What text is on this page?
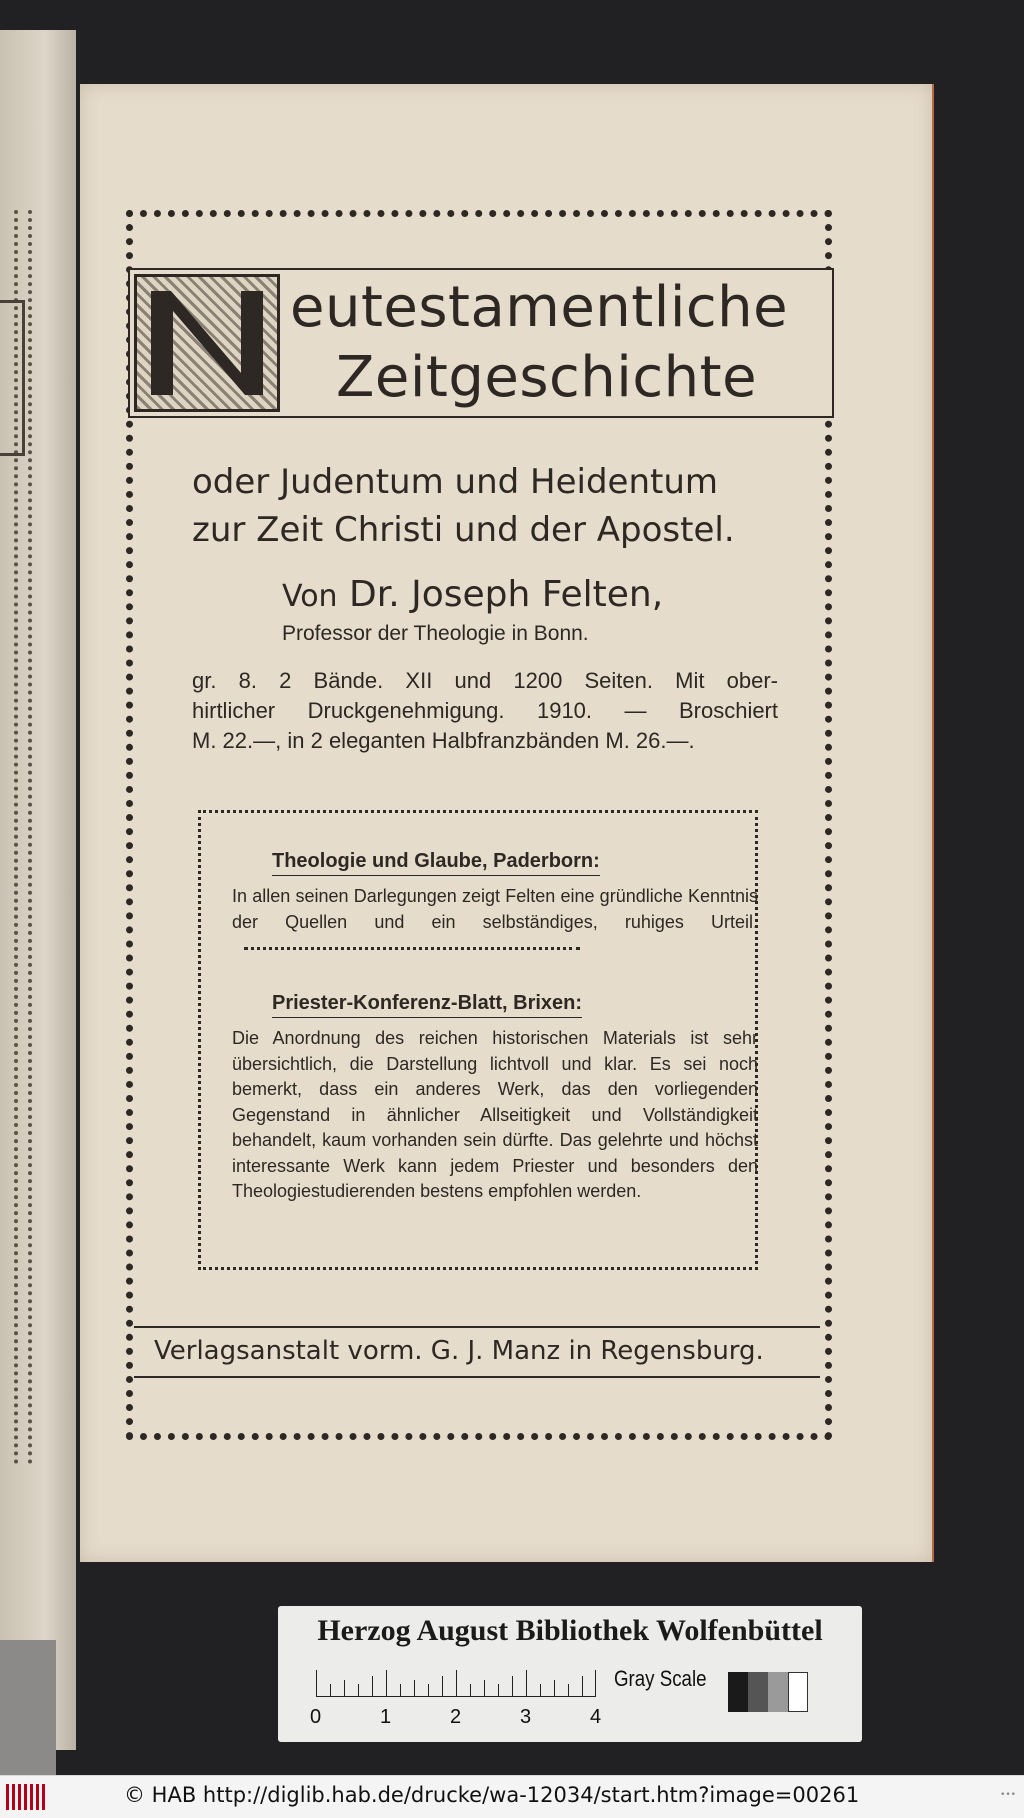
N
eutestamentliche
Zeitgeschichte
oder Judentum und Heidentum
zur Zeit Christi und der Apostel.
Von Dr. Joseph Felten,
Professor der Theologie in Bonn.
gr. 8. 2 Bände. XII und 1200 Seiten. Mit ober-
hirtlicher Druckgenehmigung. 1910. — Broschiert
M. 22.—, in 2 eleganten Halbfranzbänden M. 26.—.
Theologie und Glaube, Paderborn:
In allen seinen Darlegungen zeigt Felten eine gründliche Kenntnis der Quellen und ein selbständiges, ruhiges Urteil.
Priester-Konferenz-Blatt, Brixen:
Die Anordnung des reichen historischen Materials ist sehr übersichtlich, die Darstellung lichtvoll und klar. Es sei noch bemerkt, dass ein anderes Werk, das den vorliegenden Gegenstand in ähnlicher Allseitigkeit und Vollständigkeit behandelt, kaum vorhanden sein dürfte. Das gelehrte und höchst interessante Werk kann jedem Priester und besonders den Theologiestudierenden bestens empfohlen werden.
Verlagsanstalt vorm. G. J. Manz in Regensburg.
Herzog August Bibliothek Wolfenbüttel
0	1	2	3	4
Gray Scale
© HAB http://diglib.hab.de/drucke/wa-12034/start.htm?image=00261	•••
